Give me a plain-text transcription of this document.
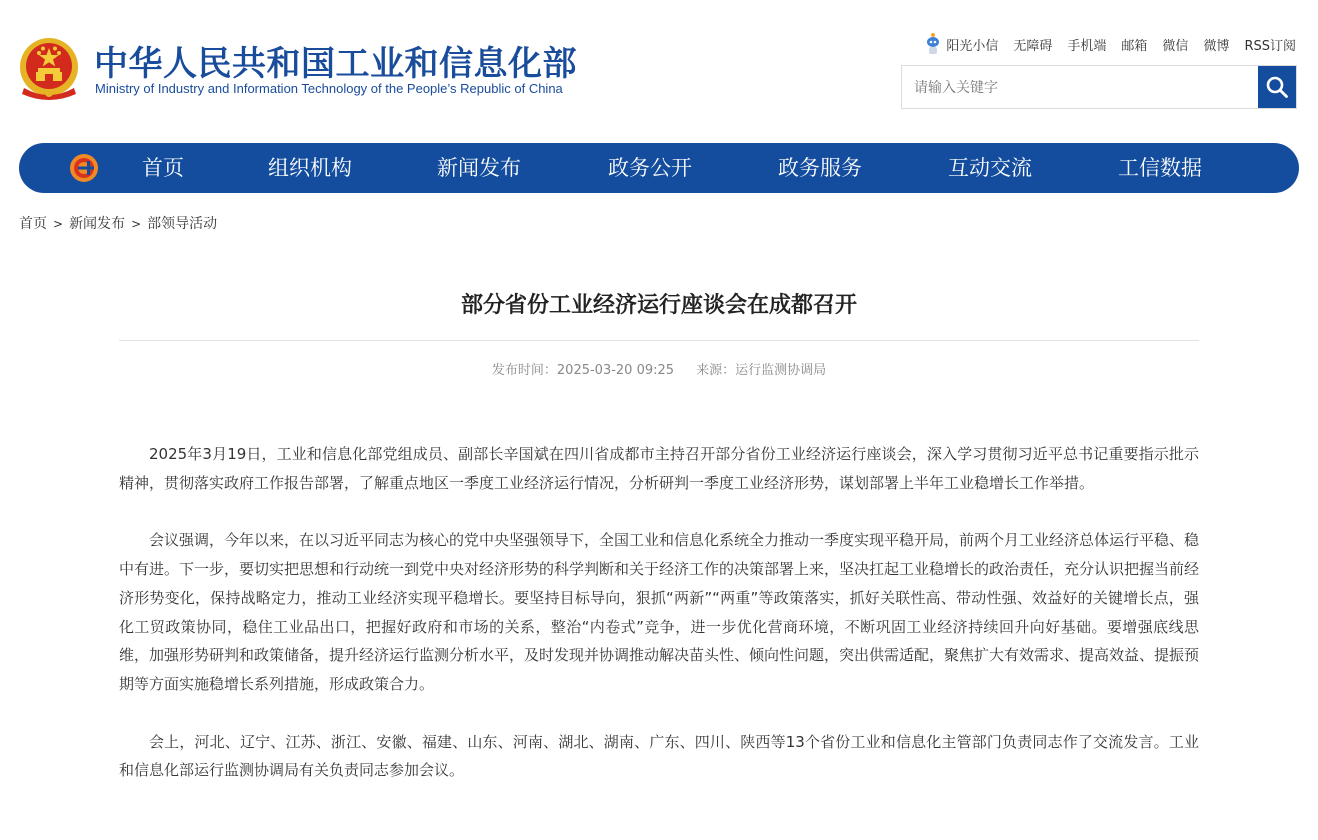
中华人民共和国工业和信息化部
Ministry of Industry and Information Technology of the People’s Republic of China
阳光小信 无障碍 手机端 邮箱 微信 微博 RSS订阅
请输入关键字
首页	组织机构	新闻发布	政务公开	政务服务	互动交流	工信数据
首页 > 新闻发布 > 部领导活动
部分省份工业经济运行座谈会在成都召开
发布时间：2025-03-20 09:25 来源：运行监测协调局

2025年3月19日，工业和信息化部党组成员、副部长辛国斌在四川省成都市主持召开部分省份工业经济运行座谈会，深入学习贯彻习近平总书记重要指示批示精神，贯彻落实政府工作报告部署，了解重点地区一季度工业经济运行情况，分析研判一季度工业经济形势，谋划部署上半年工业稳增长工作举措。

会议强调，今年以来，在以习近平同志为核心的党中央坚强领导下，全国工业和信息化系统全力推动一季度实现平稳开局，前两个月工业经济总体运行平稳、稳中有进。下一步，要切实把思想和行动统一到党中央对经济形势的科学判断和关于经济工作的决策部署上来，坚决扛起工业稳增长的政治责任，充分认识把握当前经济形势变化，保持战略定力，推动工业经济实现平稳增长。要坚持目标导向，狠抓“两新”“两重”等政策落实，抓好关联性高、带动性强、效益好的关键增长点，强化工贸政策协同，稳住工业品出口，把握好政府和市场的关系，整治“内卷式”竞争，进一步优化营商环境，不断巩固工业经济持续回升向好基础。要增强底线思维，加强形势研判和政策储备，提升经济运行监测分析水平，及时发现并协调推动解决苗头性、倾向性问题，突出供需适配，聚焦扩大有效需求、提高效益、提振预期等方面实施稳增长系列措施，形成政策合力。

会上，河北、辽宁、江苏、浙江、安徽、福建、山东、河南、湖北、湖南、广东、四川、陕西等13个省份工业和信息化主管部门负责同志作了交流发言。工业和信息化部运行监测协调局有关负责同志参加会议。
